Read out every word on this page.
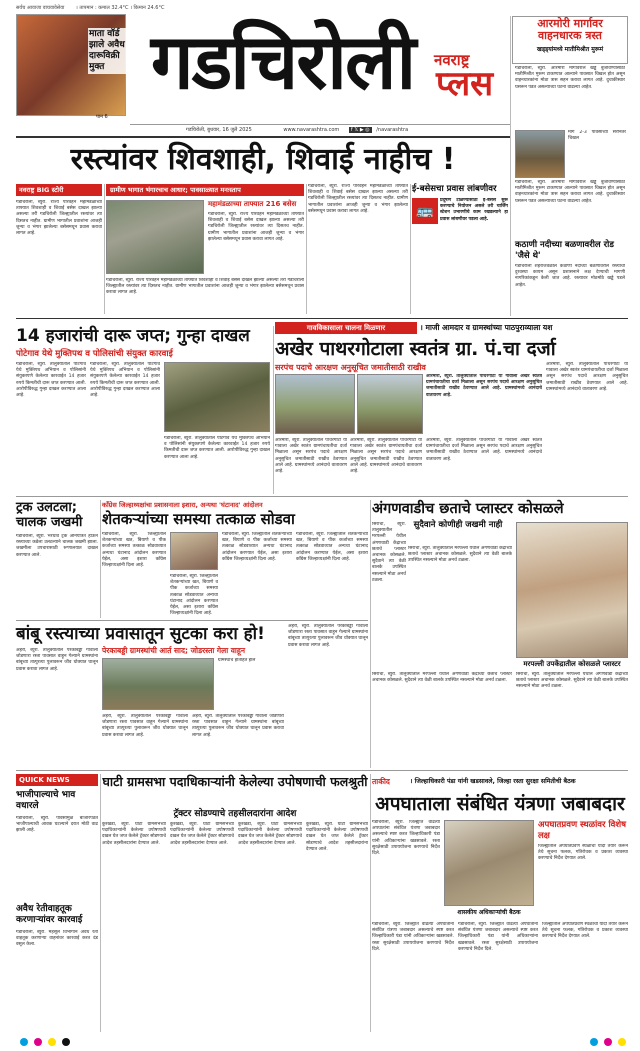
सर्वच आवाजा वाचवावेसेवा । तापमान : कमाल 32.4°C । किमान 24.6°C
माता वॉर्ड झाले अवैध दारूविक्री मुक्त
पान 6
गडचिरोली	नवराष्ट्र
प्लस
गडचिरोली, बुधवार, 16 जुलै 2025	www.navarashtra.com f 𝕏 ▶ ◎ /navarashtra
आरमोरी मार्गावर वाहनधारक त्रस्त
खड्ड्यांमध्ये मातीमिश्रीत मुरूमं
गडचिरोली, ब्युरो. आरमोरी मार्गावरील खड्डे बुजविण्यासाठी मातीमिश्रीत मुरूम टाकण्यात आल्याने पावसात चिखल होत असून वाहनधारकांना मोठा त्रास सहन करावा लागत आहे. दुचाकीस्वार घसरून पडत असल्याच्या घटना वाढल्या आहेत.
मागे 2-3 पावसांच्या सरींनंतर चिखल
गडचिरोली, ब्युरो. आरमोरी मार्गावरील खड्डे बुजविण्यासाठी मातीमिश्रीत मुरूम टाकण्यात आल्याने पावसात चिखल होत असून वाहनधारकांना मोठा त्रास सहन करावा लागत आहे. दुचाकीस्वार घसरून पडत असल्याच्या घटना वाढल्या आहेत.
कठाणी नदीच्या बळणावरील रोड 'जैसे थे'
गडचिरोली शहराजवळील कठाणी नदीच्या बळणावरील रस्त्याची दुरवस्था कायम असून प्रशासनाने लक्ष देण्याची मागणी नागरिकांकडून केली जात आहे. रस्त्यावर मोठमोठे खड्डे पडले आहेत.
रस्त्यांवर शिवशाही, शिवाई नाहीच !
नवराष्ट्र BIG स्टोरी
गडचिरोली, ब्युरो. राज्य परिवहन महामंडळाच्या ताफ्यात शिवशाही व शिवाई बसेस दाखल झाल्या असल्या तरी गडचिरोली जिल्ह्यातील रस्त्यांवर त्या दिसतच नाहीत. ग्रामीण भागातील प्रवाशांना आजही जुन्या व भंगार झालेल्या बसेसमधून प्रवास करावा लागत आहे.
ग्रामीण भागात भंगारचाच आधार; पावसाळ्यात मनःस्ताप
महामंडळाच्या ताफ्यात 216 बसेस
गडचिरोली, ब्युरो. राज्य परिवहन महामंडळाच्या ताफ्यात शिवशाही व शिवाई बसेस दाखल झाल्या असल्या तरी गडचिरोली जिल्ह्यातील रस्त्यांवर त्या दिसतच नाहीत. ग्रामीण भागातील प्रवाशांना आजही जुन्या व भंगार झालेल्या बसेसमधून प्रवास करावा लागत आहे.
गडचिरोली, ब्युरो. राज्य परिवहन महामंडळाच्या ताफ्यात शिवशाही व शिवाई बसेस दाखल झाल्या असल्या तरी गडचिरोली जिल्ह्यातील रस्त्यांवर त्या दिसतच नाहीत. ग्रामीण भागातील प्रवाशांना आजही जुन्या व भंगार झालेल्या बसेसमधून प्रवास करावा लागत आहे.
गडचिरोली, ब्युरो. राज्य परिवहन महामंडळाच्या ताफ्यात शिवशाही व शिवाई बसेस दाखल झाल्या असल्या तरी गडचिरोली जिल्ह्यातील रस्त्यांवर त्या दिसतच नाहीत. ग्रामीण भागातील प्रवाशांना आजही जुन्या व भंगार झालेल्या बसेसमधून प्रवास करावा लागत आहे.
ई-बसेसचा प्रवास लांबणीवर
🚌
प्रदूषण टाळण्यासाठी ई-बसेस सुरू करण्याचे नियोजन असले तरी चार्जिंग स्टेशन उभारणीचे काम रखडल्याने हा प्रवास लांबणीवर पडला आहे.
गावविकासाला चालना मिळणार	। माजी आमदार व ग्रामस्थांच्या पाठपुराव्याला यश
14 हजारांची दारू जप्त; गुन्हा दाखल
पोटेगाव येथे मुक्तिपथ व पोलिसांची संयुक्त कारवाई
गडचिरोली, ब्युरो. तालुक्यातील पोटेगाव येथे मुक्तिपथ अभियान व पोलिसांनी संयुक्तपणे केलेल्या कारवाईत 14 हजार रुपये किमतीची दारू जप्त करण्यात आली. आरोपीविरुद्ध गुन्हा दाखल करण्यात आला आहे.
गडचिरोली, ब्युरो. तालुक्यातील पोटेगाव येथे मुक्तिपथ अभियान व पोलिसांनी संयुक्तपणे केलेल्या कारवाईत 14 हजार रुपये किमतीची दारू जप्त करण्यात आली. आरोपीविरुद्ध गुन्हा दाखल करण्यात आला आहे.
गडचिरोली, ब्युरो. तालुक्यातील पोटेगाव येथे मुक्तिपथ अभियान व पोलिसांनी संयुक्तपणे केलेल्या कारवाईत 14 हजार रुपये किमतीची दारू जप्त करण्यात आली. आरोपीविरुद्ध गुन्हा दाखल करण्यात आला आहे.
अखेर पाथरगोटाला स्वतंत्र ग्रा. पं.चा दर्जा
सरपंच पदाचे आरक्षण अनुसूचित जमातीसाठी राखीव
आरमोरी, ब्युरो. तालुक्यातील पाथरगोटा या गावाला अखेर स्वतंत्र ग्रामपंचायतीचा दर्जा मिळाला असून सरपंच पदाचे आरक्षण अनुसूचित जमातीसाठी राखीव ठेवण्यात आले आहे. ग्रामस्थांमध्ये आनंदाचे वातावरण आहे.
आरमोरी, ब्युरो. तालुक्यातील पाथरगोटा या गावाला अखेर स्वतंत्र ग्रामपंचायतीचा दर्जा मिळाला असून सरपंच पदाचे आरक्षण अनुसूचित जमातीसाठी राखीव ठेवण्यात आले आहे. ग्रामस्थांमध्ये आनंदाचे वातावरण आहे.
आरमोरी, ब्युरो. तालुक्यातील पाथरगोटा या गावाला अखेर स्वतंत्र ग्रामपंचायतीचा दर्जा मिळाला असून सरपंच पदाचे आरक्षण अनुसूचित जमातीसाठी राखीव ठेवण्यात आले आहे. ग्रामस्थांमध्ये आनंदाचे वातावरण आहे.
आरमोरी, ब्युरो. तालुक्यातील पाथरगोटा या गावाला अखेर स्वतंत्र ग्रामपंचायतीचा दर्जा मिळाला असून सरपंच पदाचे आरक्षण अनुसूचित जमातीसाठी राखीव ठेवण्यात आले आहे. ग्रामस्थांमध्ये आनंदाचे वातावरण आहे.
आरमोरी, ब्युरो. तालुक्यातील पाथरगोटा या गावाला अखेर स्वतंत्र ग्रामपंचायतीचा दर्जा मिळाला असून सरपंच पदाचे आरक्षण अनुसूचित जमातीसाठी राखीव ठेवण्यात आले आहे. ग्रामस्थांमध्ये आनंदाचे वातावरण आहे.
ट्रक उलटला; चालक जखमी
गडचिरोली, ब्युरो. भरधाव ट्रक अनियंत्रित होऊन रस्त्याच्या कडेला उलटल्याने चालक जखमी झाला. जखमीला उपचारासाठी रुग्णालयात दाखल करण्यात आले.
काँग्रेस जिल्हाध्यक्षांचा प्रशासनाला इशारा, अन्यथा 'घंटानाद' आंदोलन
शेतकऱ्यांच्या समस्या तत्काळ सोडवा
गडचिरोली, ब्युरो. जिल्ह्यातील शेतकऱ्यांच्या खत, बियाणे व पीक कर्जाच्या समस्या तत्काळ सोडवाव्यात अन्यथा घंटानाद आंदोलन करण्यात येईल, असा इशारा काँग्रेस जिल्हाध्यक्षांनी दिला आहे.
गडचिरोली, ब्युरो. जिल्ह्यातील शेतकऱ्यांच्या खत, बियाणे व पीक कर्जाच्या समस्या तत्काळ सोडवाव्यात अन्यथा घंटानाद आंदोलन करण्यात येईल, असा इशारा काँग्रेस जिल्हाध्यक्षांनी दिला आहे.
गडचिरोली, ब्युरो. जिल्ह्यातील शेतकऱ्यांच्या खत, बियाणे व पीक कर्जाच्या समस्या तत्काळ सोडवाव्यात अन्यथा घंटानाद आंदोलन करण्यात येईल, असा इशारा काँग्रेस जिल्हाध्यक्षांनी दिला आहे.
गडचिरोली, ब्युरो. जिल्ह्यातील शेतकऱ्यांच्या खत, बियाणे व पीक कर्जाच्या समस्या तत्काळ सोडवाव्यात अन्यथा घंटानाद आंदोलन करण्यात येईल, असा इशारा काँग्रेस जिल्हाध्यक्षांनी दिला आहे.
अंगणवाडीच छताचे प्लास्टर कोसळले
सुदैवाने कोणीही जखमी नाही
सिरोंचा, ब्युरो. तालुक्यातील मरपल्ली येथील अंगणवाडी केंद्राच्या छताचे प्लास्टर अचानक कोसळले. सुदैवाने त्या वेळी बालके उपस्थित नसल्याने मोठा अनर्थ टळला.
सिरोंचा, ब्युरो. तालुक्यातील मरपल्ली येथील अंगणवाडी केंद्राच्या छताचे प्लास्टर अचानक कोसळले. सुदैवाने त्या वेळी बालके उपस्थित नसल्याने मोठा अनर्थ टळला.
मरपल्ली उपकेंद्रातील कोसळले प्लास्टर
बांबू रस्त्याच्या प्रवासातून सुटका करा हो!
पेरकाबड्डी ग्रामस्थांची आर्त साद; जोडरस्ता गेला वाहून
अहेरी, ब्युरो. तालुक्यातील पेरकाबड्डी गावाला जोडणारा रस्ता पावसात वाहून गेल्याने ग्रामस्थांना बांबूच्या तात्पुरत्या पुलावरून जीव धोक्यात घालून प्रवास करावा लागत आहे.
ग्रामस्थांचे होताहेत हाल
अहेरी, ब्युरो. तालुक्यातील पेरकाबड्डी गावाला जोडणारा रस्ता पावसात वाहून गेल्याने ग्रामस्थांना बांबूच्या तात्पुरत्या पुलावरून जीव धोक्यात घालून प्रवास करावा लागत आहे.
अहेरी, ब्युरो. तालुक्यातील पेरकाबड्डी गावाला जोडणारा रस्ता पावसात वाहून गेल्याने ग्रामस्थांना बांबूच्या तात्पुरत्या पुलावरून जीव धोक्यात घालून प्रवास करावा लागत आहे.
अहेरी, ब्युरो. तालुक्यातील पेरकाबड्डी गावाला जोडणारा रस्ता पावसात वाहून गेल्याने ग्रामस्थांना बांबूच्या तात्पुरत्या पुलावरून जीव धोक्यात घालून प्रवास करावा लागत आहे.
सिरोंचा, ब्युरो. तालुक्यातील मरपल्ली येथील अंगणवाडी केंद्राच्या छताचे प्लास्टर अचानक कोसळले. सुदैवाने त्या वेळी बालके उपस्थित नसल्याने मोठा अनर्थ टळला.
सिरोंचा, ब्युरो. तालुक्यातील मरपल्ली येथील अंगणवाडी केंद्राच्या छताचे प्लास्टर अचानक कोसळले. सुदैवाने त्या वेळी बालके उपस्थित नसल्याने मोठा अनर्थ टळला.
QUICK NEWS
भाजीपाल्याचे भाव वधारले
गडचिरोली, ब्युरो. पावसामुळे बाजारपेठेत भाजीपाल्याची आवक घटल्याने दरात मोठी वाढ झाली आहे.
अवैध रेतीवाहतूक करणाऱ्यांवर कारवाई
गडचिरोली, ब्युरो. महसूल विभागाने अवैध रेती वाहतूक करणाऱ्या वाहनांवर कारवाई करत दंड वसूल केला.
घाटी ग्रामसभा पदाधिकाऱ्यांनी केलेल्या उपोषणाची फलश्रुती
ट्रॅक्टर सोडण्याचे तहसीलदारांना आदेश
कुरखेडा, ब्युरो. घाटी ग्रामसभेच्या पदाधिकाऱ्यांनी केलेल्या उपोषणाची दखल घेत जप्त केलेले ट्रॅक्टर सोडण्याचे आदेश तहसीलदारांना देण्यात आले.
कुरखेडा, ब्युरो. घाटी ग्रामसभेच्या पदाधिकाऱ्यांनी केलेल्या उपोषणाची दखल घेत जप्त केलेले ट्रॅक्टर सोडण्याचे आदेश तहसीलदारांना देण्यात आले.
कुरखेडा, ब्युरो. घाटी ग्रामसभेच्या पदाधिकाऱ्यांनी केलेल्या उपोषणाची दखल घेत जप्त केलेले ट्रॅक्टर सोडण्याचे आदेश तहसीलदारांना देण्यात आले.
कुरखेडा, ब्युरो. घाटी ग्रामसभेच्या पदाधिकाऱ्यांनी केलेल्या उपोषणाची दखल घेत जप्त केलेले ट्रॅक्टर सोडण्याचे आदेश तहसीलदारांना देण्यात आले.
ताकीद	। जिल्हाधिकारी पंडा यांनी खडसावले, जिल्हा रस्ता सुरक्षा समितीची बैठक
अपघाताला संबंधित यंत्रणा जबाबदार
गडचिरोली, ब्युरो. जिल्ह्यात वाढत्या अपघातांना संबंधित यंत्रणा जबाबदार असल्याचे स्पष्ट करत जिल्हाधिकारी पंडा यांनी अधिकाऱ्यांना खडसावले. रस्ता सुरक्षेसाठी उपाययोजना करण्याचे निर्देश दिले.
शासकीय अधिकाऱ्यांची बैठक
अपघातप्रवण स्थळांवर विशेष लक्ष
जिल्ह्यातील अपघातप्रवण स्थळांची यादी तयार करून तेथे सूचना फलक, गतिरोधक व प्रकाश व्यवस्था करण्याचे निर्देश देण्यात आले.
गडचिरोली, ब्युरो. जिल्ह्यात वाढत्या अपघातांना संबंधित यंत्रणा जबाबदार असल्याचे स्पष्ट करत जिल्हाधिकारी पंडा यांनी अधिकाऱ्यांना खडसावले. रस्ता सुरक्षेसाठी उपाययोजना करण्याचे निर्देश दिले.
गडचिरोली, ब्युरो. जिल्ह्यात वाढत्या अपघातांना संबंधित यंत्रणा जबाबदार असल्याचे स्पष्ट करत जिल्हाधिकारी पंडा यांनी अधिकाऱ्यांना खडसावले. रस्ता सुरक्षेसाठी उपाययोजना करण्याचे निर्देश दिले.
जिल्ह्यातील अपघातप्रवण स्थळांची यादी तयार करून तेथे सूचना फलक, गतिरोधक व प्रकाश व्यवस्था करण्याचे निर्देश देण्यात आले.
